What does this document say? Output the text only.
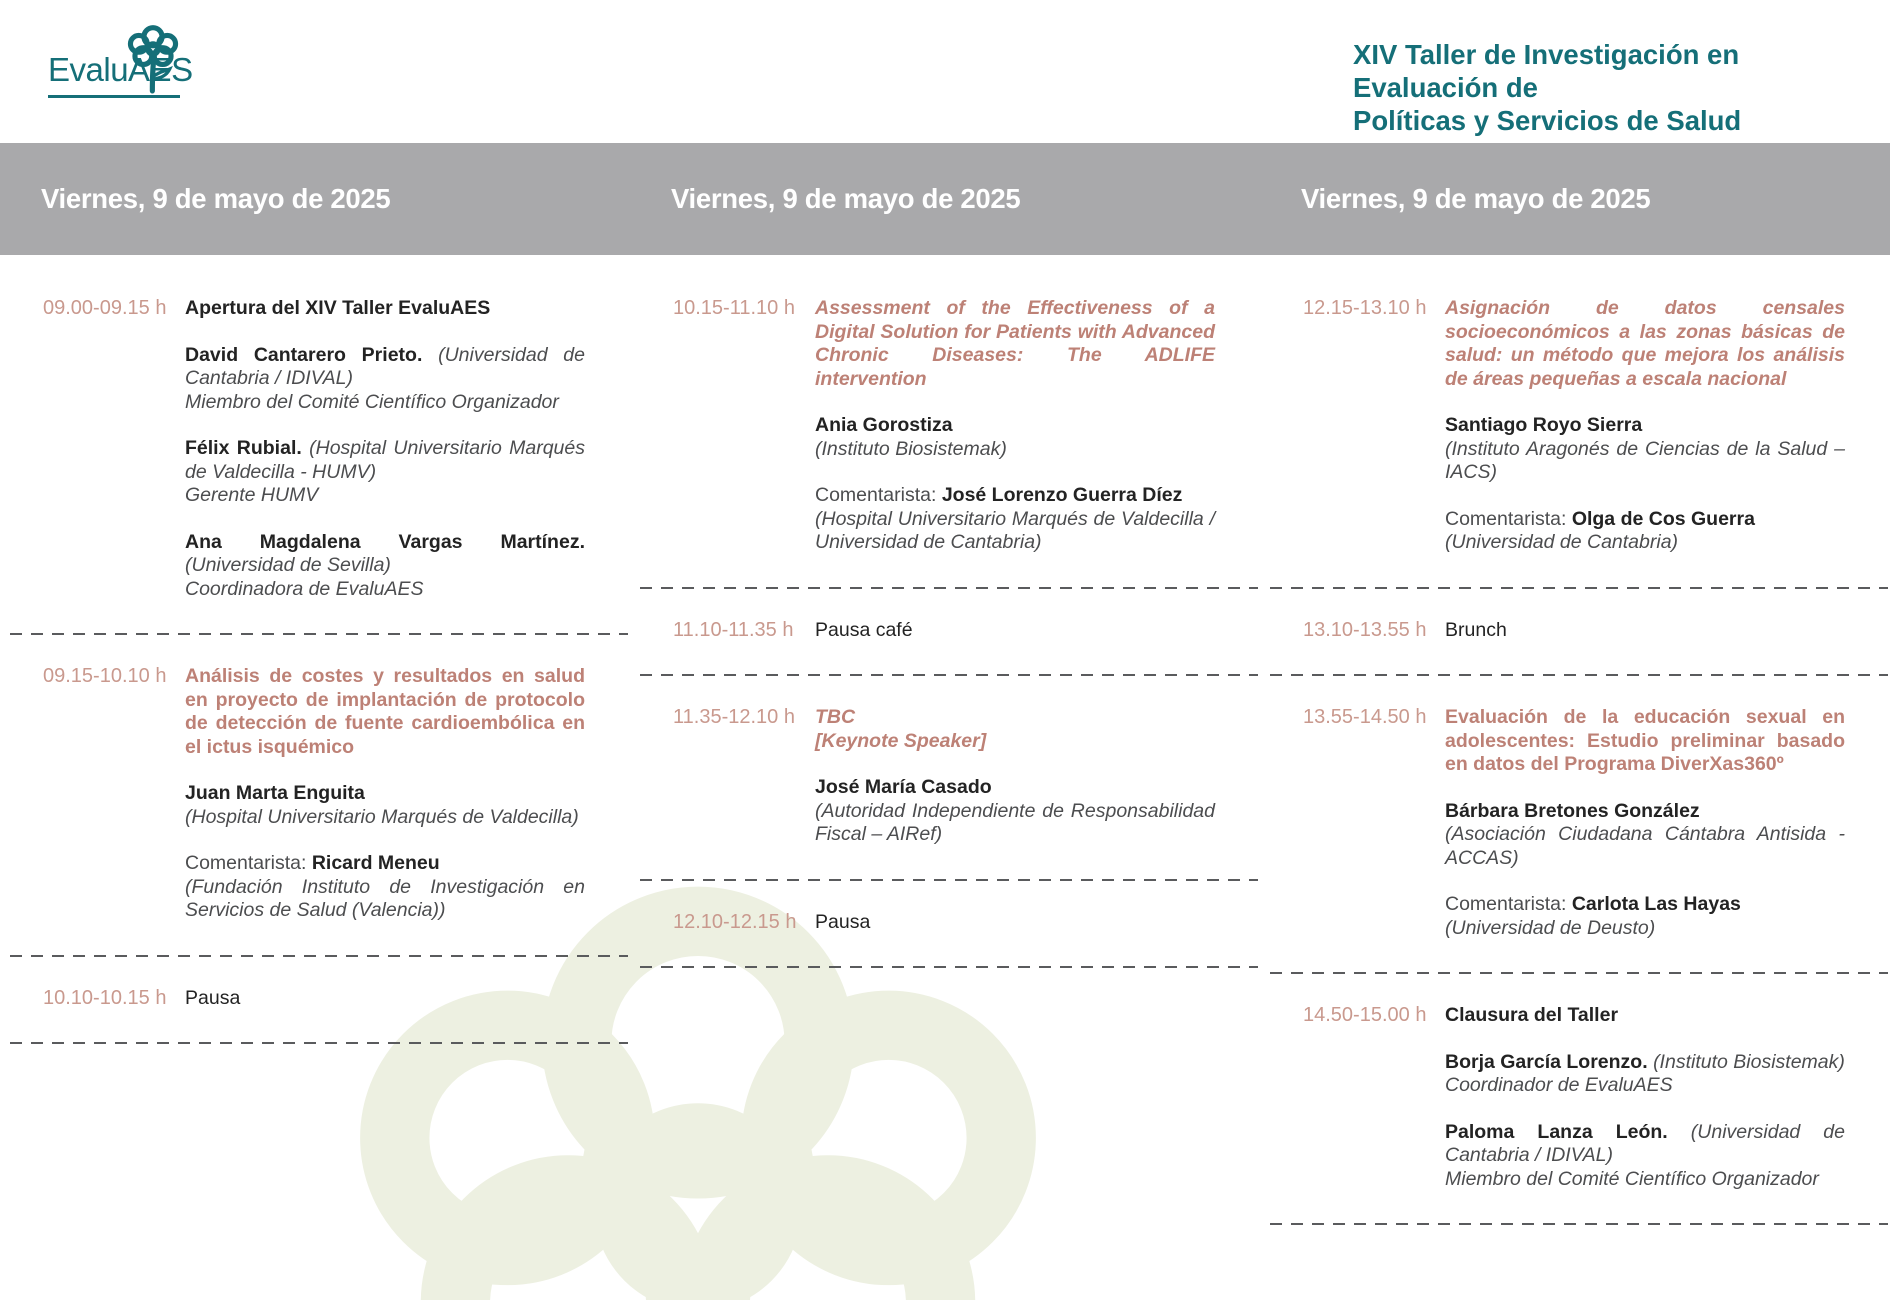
EvaluAES	XIV Taller de Investigación en Evaluación de
Políticas y Servicios de Salud
Viernes, 9 de mayo de 2025	Viernes, 9 de mayo de 2025	Viernes, 9 de mayo de 2025
09.00-09.15 h Apertura del XIV Taller EvaluAES

David Cantarero Prieto. (Universidad de Cantabria / IDIVAL)
Miembro del Comité Científico Organizador

Félix Rubial. (Hospital Universitario Marqués de Valdecilla - HUMV)
Gerente HUMV

Ana Magdalena Vargas Martínez. (Universidad de Sevilla)
Coordinadora de EvaluAES

09.15-10.10 h Análisis de costes y resultados en salud en proyecto de implantación de protocolo de detección de fuente cardioembólica en el ictus isquémico

Juan Marta Enguita
(Hospital Universitario Marqués de Valdecilla)

Comentarista: Ricard Meneu
(Fundación Instituto de Investigación en Servicios de Salud (Valencia))

10.10-10.15 h Pausa

10.15-11.10 h	Assessment of the Effectiveness of a Digital Solution for Patients with Advanced Chronic Diseases: The ADLIFE intervention

Ania Gorostiza
(Instituto Biosistemak)

Comentarista: José Lorenzo Guerra Díez
(Hospital Universitario Marqués de Valdecilla / Universidad de Cantabria)

11.10-11.35 h	Pausa café

11.35-12.10 h	TBC
[Keynote Speaker]

José María Casado
(Autoridad Independiente de Responsabilidad Fiscal – AIRef)

12.10-12.15 h Pausa

12.15-13.10 h Asignación de datos censales socioeconómicos a las zonas básicas de salud: un método que mejora los análisis de áreas pequeñas a escala nacional

Santiago Royo Sierra
(Instituto Aragonés de Ciencias de la Salud – IACS)

Comentarista: Olga de Cos Guerra
(Universidad de Cantabria)

13.10-13.55 h Brunch

13.55-14.50 h Evaluación de la educación sexual en adolescentes: Estudio preliminar basado en datos del Programa DiverXas360º

Bárbara Bretones González
(Asociación Ciudadana Cántabra Antisida - ACCAS)

Comentarista: Carlota Las Hayas
(Universidad de Deusto)

14.50-15.00 h Clausura del Taller

Borja García Lorenzo. (Instituto Biosistemak)
Coordinador de EvaluAES

Paloma Lanza León. (Universidad de Cantabria / IDIVAL)
Miembro del Comité Científico Organizador
